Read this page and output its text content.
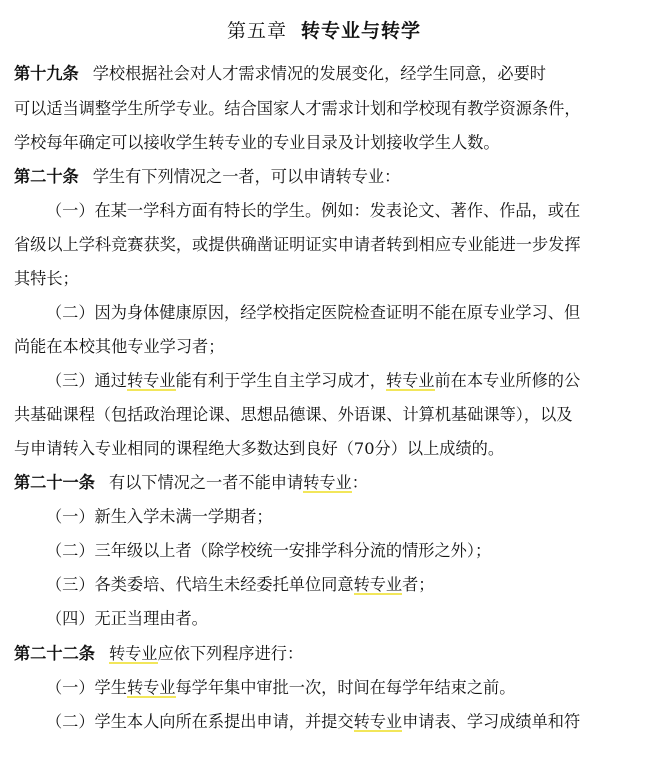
第五章 转专业与转学
第十九条 学校根据社会对人才需求情况的发展变化，经学生同意，必要时
可以适当调整学生所学专业。结合国家人才需求计划和学校现有教学资源条件，
学校每年确定可以接收学生转专业的专业目录及计划接收学生人数。
第二十条 学生有下列情况之一者，可以申请转专业：
（一）在某一学科方面有特长的学生。例如：发表论文、著作、作品，或在
省级以上学科竞赛获奖，或提供确凿证明证实申请者转到相应专业能进一步发挥
其特长；
（二）因为身体健康原因，经学校指定医院检查证明不能在原专业学习、但
尚能在本校其他专业学习者；
（三）通过转专业能有利于学生自主学习成才，转专业前在本专业所修的公
共基础课程（包括政治理论课、思想品德课、外语课、计算机基础课等），以及
与申请转入专业相同的课程绝大多数达到良好（70分）以上成绩的。
第二十一条 有以下情况之一者不能申请转专业：
（一）新生入学未满一学期者；
（二）三年级以上者（除学校统一安排学科分流的情形之外）；
（三）各类委培、代培生未经委托单位同意转专业者；
（四）无正当理由者。
第二十二条 转专业应依下列程序进行：
（一）学生转专业每学年集中审批一次，时间在每学年结束之前。
（二）学生本人向所在系提出申请，并提交转专业申请表、学习成绩单和符
